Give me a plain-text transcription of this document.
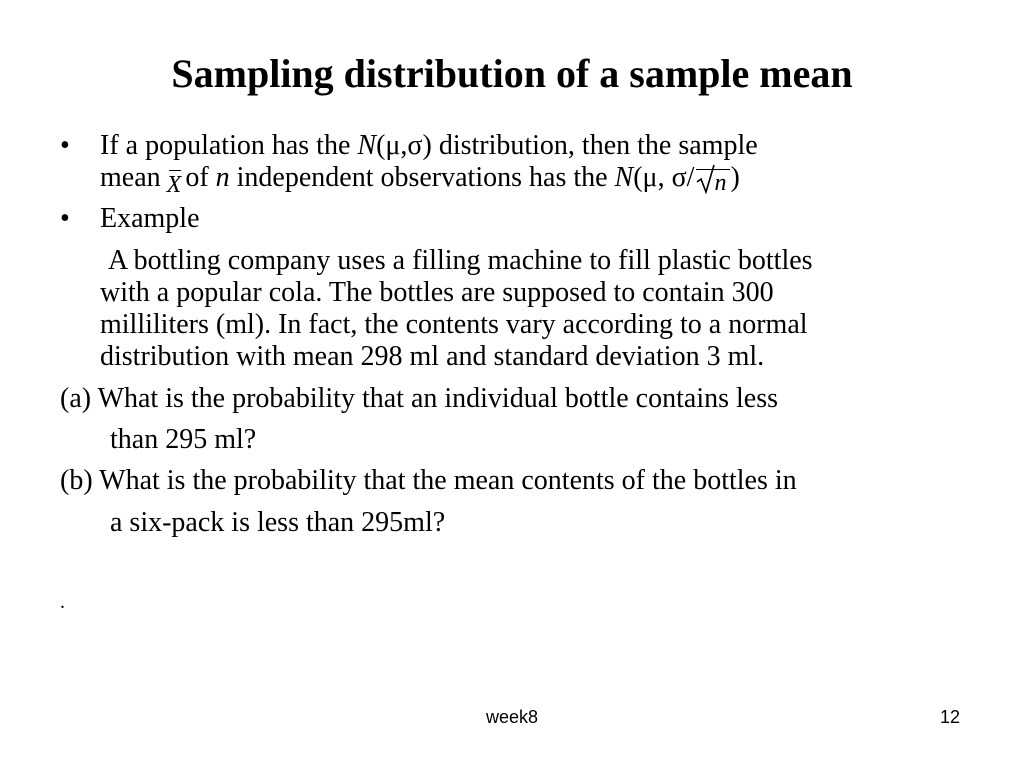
Sampling distribution of a sample mean
• If a population has the N(μ,σ) distribution, then the sample
mean X of n independent observations has the N(μ, σ/ n )
• Example
A bottling company uses a filling machine to fill plastic bottles
with a popular cola. The bottles are supposed to contain 300
milliliters (ml). In fact, the contents vary according to a normal
distribution with mean 298 ml and standard deviation 3 ml.
(a) What is the probability that an individual bottle contains less
than 295 ml?
(b) What is the probability that the mean contents of the bottles in
a six-pack is less than 295ml?
.
week8	12
